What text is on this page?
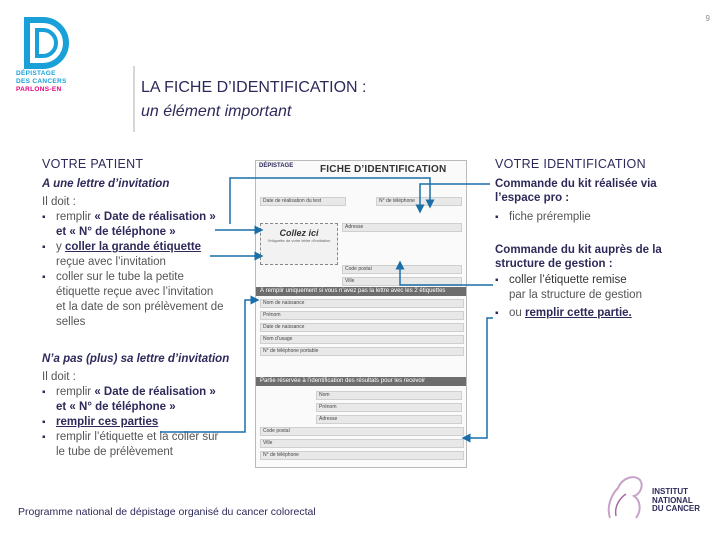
9
DÉPISTAGE
DES CANCERS
PARLONS-EN	LA FICHE D’IDENTIFICATION :
un élément important
VOTRE PATIENT
A une lettre d’invitation
Il doit :
▪ remplir « Date de réalisation »
et « N° de téléphone »
▪ y coller la grande étiquette
reçue avec l’invitation
▪ coller sur le tube la petite étiquette reçue avec l’invitation et la date de son prélèvement de selles
N’a pas (plus) sa lettre d’invitation
Il doit :
▪ remplir « Date de réalisation »
et « N° de téléphone »
▪ remplir ces parties
▪ remplir l’étiquette et la coller sur le tube de prélèvement
VOTRE IDENTIFICATION
Commande du kit réalisée via l’espace pro :
▪ fiche préremplie
Commande du kit auprès de la structure de gestion :
▪ coller l’étiquette remise
par la structure de gestion
▪ ou remplir cette partie.
DÉPISTAGE	FICHE D’IDENTIFICATION
Date de réalisation du test	N° de téléphone
Collez ici
l’étiquette de votre lettre d’invitation
Adresse
Code postal
Ville
À remplir uniquement si vous n’avez pas la lettre avec les 2 étiquettes
Nom de naissance
Prénom
Date de naissance
Nom d’usage
N° de téléphone portable
Partie réservée à l’identification des résultats pour les recevoir
Nom
Prénom
Adresse
Code postal
Ville
N° de téléphone
Programme national de dépistage organisé du cancer colorectal
INSTITUT
NATIONAL
DU CANCER
